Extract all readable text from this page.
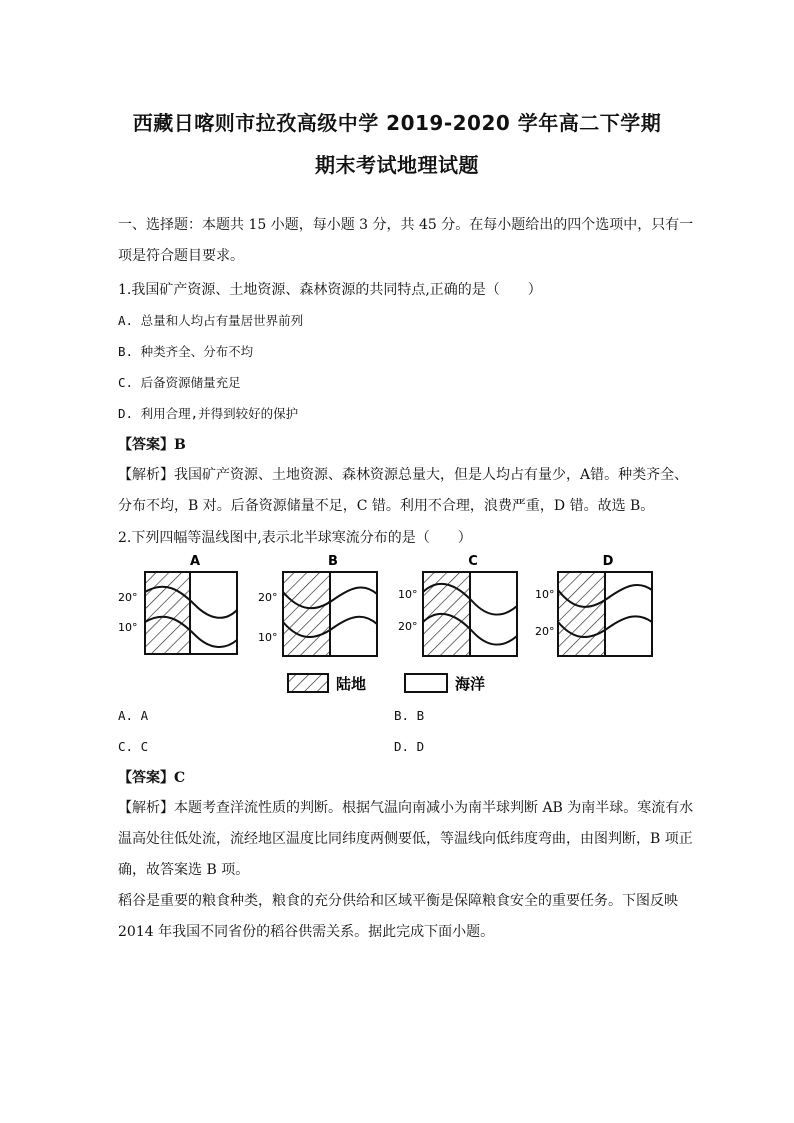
西藏日喀则市拉孜高级中学 2019-2020 学年高二下学期
期末考试地理试题

一、选择题：本题共 15 小题，每小题 3 分，共 45 分。在每小题给出的四个选项中，只有一项是符合题目要求。

1.我国矿产资源、土地资源、森林资源的共同特点,正确的是（　　）
A. 总量和人均占有量居世界前列
B. 种类齐全、分布不均
C. 后备资源储量充足
D. 利用合理,并得到较好的保护
【答案】B

【解析】我国矿产资源、土地资源、森林资源总量大，但是人均占有量少，A错。种类齐全、分布不均，B 对。后备资源储量不足，C 错。利用不合理，浪费严重，D 错。故选 B。

2.下列四幅等温线图中,表示北半球寒流分布的是（　　）
A
20°
10°
B
20°
10°
C
10°
20°
D
10°
20°
陆地	海洋
A. A	B. B
C. C	D. D
【答案】C

【解析】本题考查洋流性质的判断。根据气温向南减小为南半球判断 AB 为南半球。寒流有水温高处往低处流，流经地区温度比同纬度两侧要低，等温线向低纬度弯曲，由图判断，B 项正确，故答案选 B 项。

稻谷是重要的粮食种类，粮食的充分供给和区域平衡是保障粮食安全的重要任务。下图反映2014 年我国不同省份的稻谷供需关系。据此完成下面小题。
